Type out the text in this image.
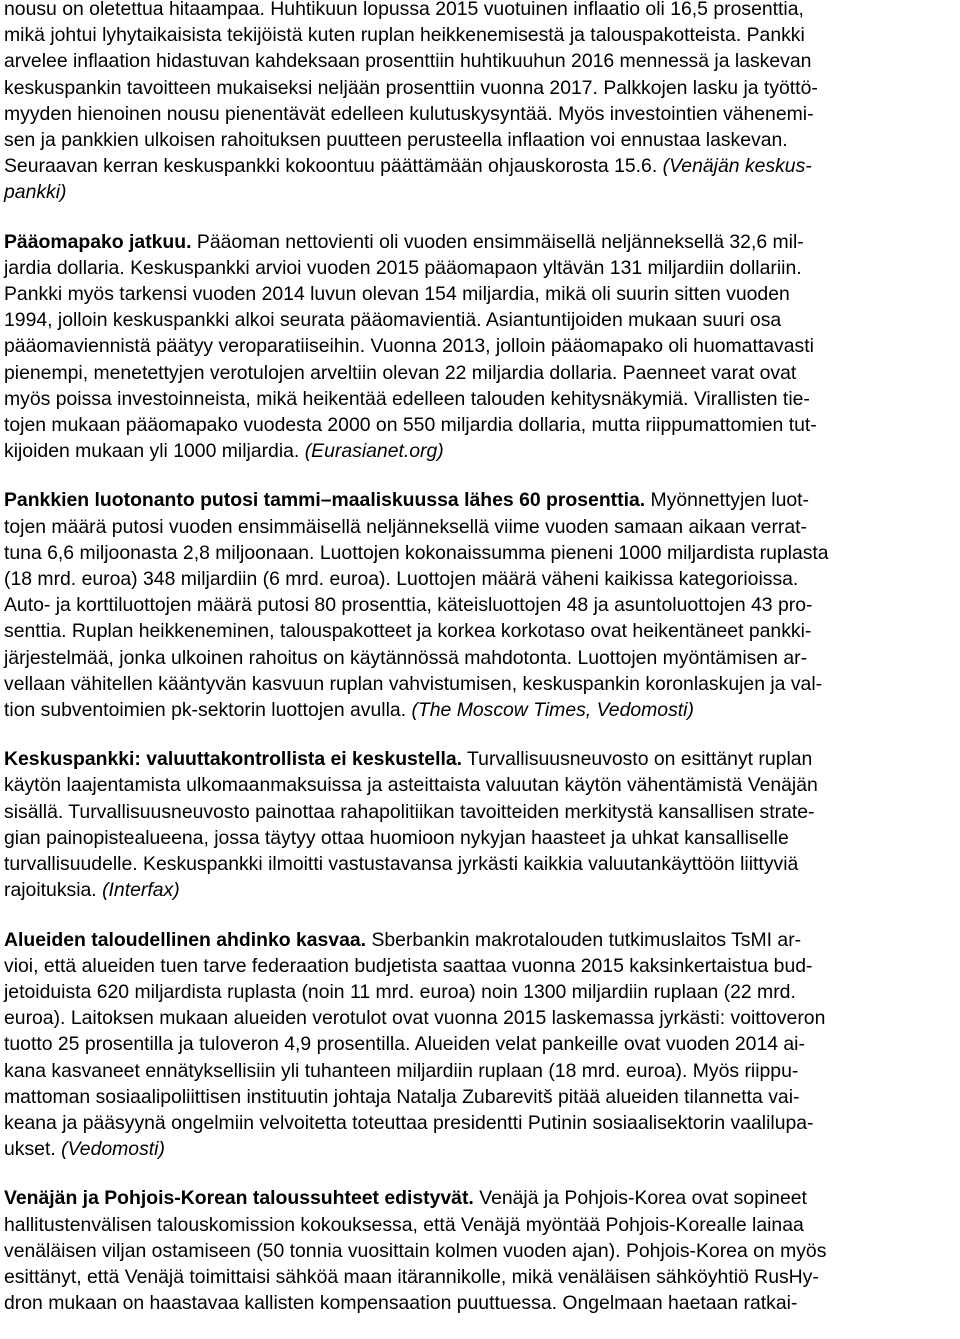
nousu on oletettua hitaampaa. Huhtikuun lopussa 2015 vuotuinen inflaatio oli 16,5 prosenttia,
mikä johtui lyhytaikaisista tekijöistä kuten ruplan heikkenemisestä ja talouspakotteista. Pankki
arvelee inflaation hidastuvan kahdeksaan prosenttiin huhtikuuhun 2016 mennessä ja laskevan
keskuspankin tavoitteen mukaiseksi neljään prosenttiin vuonna 2017. Palkkojen lasku ja työttö-
myyden hienoinen nousu pienentävät edelleen kulutuskysyntää. Myös investointien vähenemi-
sen ja pankkien ulkoisen rahoituksen puutteen perusteella inflaation voi ennustaa laskevan.
Seuraavan kerran keskuspankki kokoontuu päättämään ohjauskorosta 15.6. (Venäjän keskus-
pankki)

Pääomapako jatkuu. Pääoman nettovienti oli vuoden ensimmäisellä neljänneksellä 32,6 mil-
jardia dollaria. Keskuspankki arvioi vuoden 2015 pääomapaon yltävän 131 miljardiin dollariin.
Pankki myös tarkensi vuoden 2014 luvun olevan 154 miljardia, mikä oli suurin sitten vuoden
1994, jolloin keskuspankki alkoi seurata pääomavientiä. Asiantuntijoiden mukaan suuri osa
pääomaviennistä päätyy veroparatiiseihin. Vuonna 2013, jolloin pääomapako oli huomattavasti
pienempi, menetettyjen verotulojen arveltiin olevan 22 miljardia dollaria. Paenneet varat ovat
myös poissa investoinneista, mikä heikentää edelleen talouden kehitysnäkymiä. Virallisten tie-
tojen mukaan pääomapako vuodesta 2000 on 550 miljardia dollaria, mutta riippumattomien tut-
kijoiden mukaan yli 1000 miljardia. (Eurasianet.org)

Pankkien luotonanto putosi tammi–maaliskuussa lähes 60 prosenttia. Myönnettyjen luot-
tojen määrä putosi vuoden ensimmäisellä neljänneksellä viime vuoden samaan aikaan verrat-
tuna 6,6 miljoonasta 2,8 miljoonaan. Luottojen kokonaissumma pieneni 1000 miljardista ruplasta
(18 mrd. euroa) 348 miljardiin (6 mrd. euroa). Luottojen määrä väheni kaikissa kategorioissa.
Auto- ja korttiluottojen määrä putosi 80 prosenttia, käteisluottojen 48 ja asuntoluottojen 43 pro-
senttia. Ruplan heikkeneminen, talouspakotteet ja korkea korkotaso ovat heikentäneet pankki-
järjestelmää, jonka ulkoinen rahoitus on käytännössä mahdotonta. Luottojen myöntämisen ar-
vellaan vähitellen kääntyvän kasvuun ruplan vahvistumisen, keskuspankin koronlaskujen ja val-
tion subventoimien pk-sektorin luottojen avulla. (The Moscow Times, Vedomosti)

Keskuspankki: valuuttakontrollista ei keskustella. Turvallisuusneuvosto on esittänyt ruplan
käytön laajentamista ulkomaanmaksuissa ja asteittaista valuutan käytön vähentämistä Venäjän
sisällä. Turvallisuusneuvosto painottaa rahapolitiikan tavoitteiden merkitystä kansallisen strate-
gian painopistealueena, jossa täytyy ottaa huomioon nykyjan haasteet ja uhkat kansalliselle
turvallisuudelle. Keskuspankki ilmoitti vastustavansa jyrkästi kaikkia valuutankäyttöön liittyviä
rajoituksia. (Interfax)

Alueiden taloudellinen ahdinko kasvaa. Sberbankin makrotalouden tutkimuslaitos TsMI ar-
vioi, että alueiden tuen tarve federaation budjetista saattaa vuonna 2015 kaksinkertaistua bud-
jetoiduista 620 miljardista ruplasta (noin 11 mrd. euroa) noin 1300 miljardiin ruplaan (22 mrd.
euroa). Laitoksen mukaan alueiden verotulot ovat vuonna 2015 laskemassa jyrkästi: voittoveron
tuotto 25 prosentilla ja tuloveron 4,9 prosentilla. Alueiden velat pankeille ovat vuoden 2014 ai-
kana kasvaneet ennätyksellisiin yli tuhanteen miljardiin ruplaan (18 mrd. euroa). Myös riippu-
mattoman sosiaalipoliittisen instituutin johtaja Natalja Zubarevitš pitää alueiden tilannetta vai-
keana ja pääsyynä ongelmiin velvoitetta toteuttaa presidentti Putinin sosiaalisektorin vaalilupa-
ukset. (Vedomosti)

Venäjän ja Pohjois-Korean taloussuhteet edistyvät. Venäjä ja Pohjois-Korea ovat sopineet
hallitustenvälisen talouskomission kokouksessa, että Venäjä myöntää Pohjois-Korealle lainaa
venäläisen viljan ostamiseen (50 tonnia vuosittain kolmen vuoden ajan). Pohjois-Korea on myös
esittänyt, että Venäjä toimittaisi sähköä maan itärannikolle, mikä venäläisen sähköyhtiö RusHy-
dron mukaan on haastavaa kallisten kompensaation puuttuessa. Ongelmaan haetaan ratkai-
